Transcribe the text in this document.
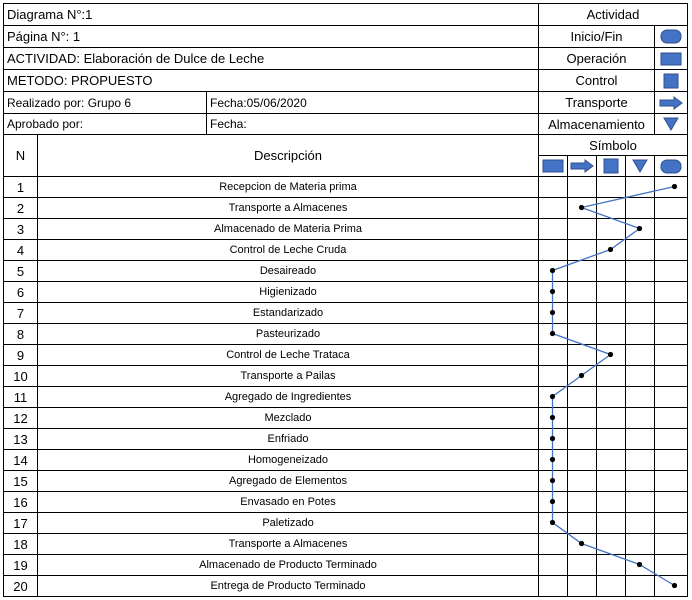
Diagrama N°:1
Página N°: 1
ACTIVIDAD: Elaboración de Dulce de Leche
METODO: PROPUESTO
Realizado por: Grupo 6	Fecha:05/06/2020
Aprobado por:	Fecha:
Actividad
Inicio/Fin
Operación
Control
Transporte
Almacenamiento
N	Descripción
Símbolo
1	Recepcion de Materia prima
2	Transporte a Almacenes
3	Almacenado de Materia Prima
4	Control de Leche Cruda
5	Desaireado
6	Higienizado
7	Estandarizado
8	Pasteurizado
9	Control de Leche Trataca
10	Transporte a Pailas
11	Agregado de Ingredientes
12	Mezclado
13	Enfriado
14	Homogeneizado
15	Agregado de Elementos
16	Envasado en Potes
17	Paletizado
18	Transporte a Almacenes
19	Almacenado de Producto Terminado
20	Entrega de Producto Terminado
